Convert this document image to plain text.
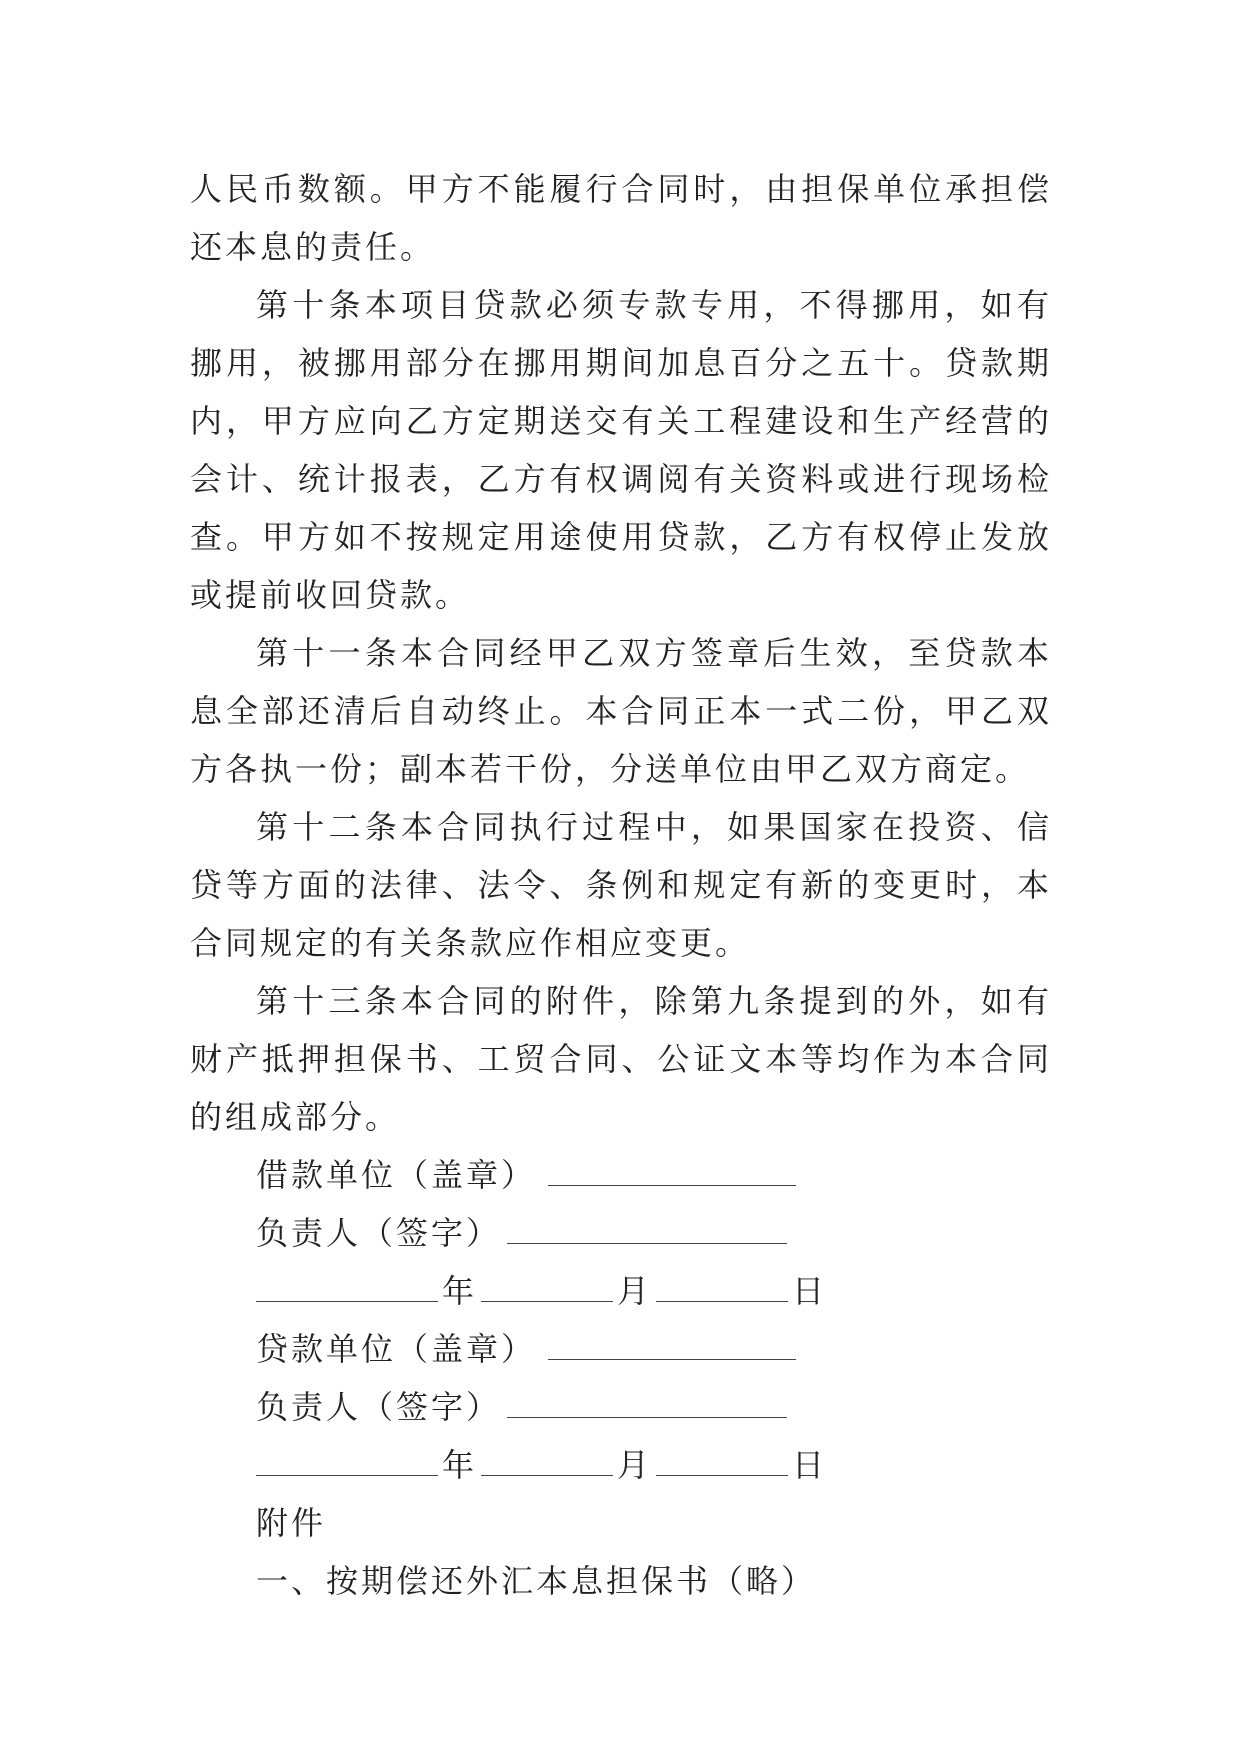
人民币数额。甲方不能履行合同时，由担保单位承担偿还本息的责任。

第十条本项目贷款必须专款专用，不得挪用，如有挪用，被挪用部分在挪用期间加息百分之五十。贷款期内，甲方应向乙方定期送交有关工程建设和生产经营的会计、统计报表，乙方有权调阅有关资料或进行现场检查。甲方如不按规定用途使用贷款，乙方有权停止发放或提前收回贷款。

第十一条本合同经甲乙双方签章后生效，至贷款本息全部还清后自动终止。本合同正本一式二份，甲乙双方各执一份；副本若干份，分送单位由甲乙双方商定。

第十二条本合同执行过程中，如果国家在投资、信贷等方面的法律、法令、条例和规定有新的变更时，本合同规定的有关条款应作相应变更。

第十三条本合同的附件，除第九条提到的外，如有财产抵押担保书、工贸合同、公证文本等均作为本合同的组成部分。

借款单位（盖章）

负责人（签字）

年	月	日

贷款单位（盖章）

负责人（签字）

年	月	日

附件

一、按期偿还外汇本息担保书（略）
